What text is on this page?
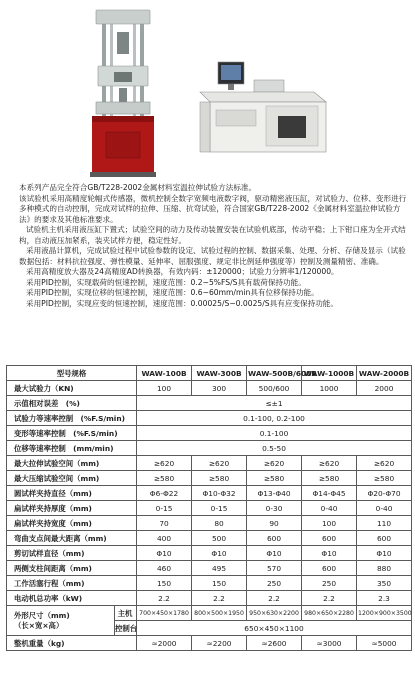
本系列产品完全符合GB/T228-2002金属材料室温拉伸试验方法标准。

该试验机采用高精度轮幅式传感器，微机控制全数字宽频电液数字阀，驱动精密液压缸，对试验力、位移、变形进行多种模式的自动控制，完成对试样的拉伸、压缩、抗弯试验，符合国家GB/T228-2002《金属材料室温拉伸试验方法》的要求及其他标准要求。

试验机主机采用液压缸下置式；试验空间的动力及传动装置安装在试验机底部，传动平稳；上下钳口座为全开式结构，自动液压加紧系，装夹试样方便，稳定性好。

采用液晶计算机，完成试验过程中试验参数的设定、试验过程的控制、数据采集、处理、分析、存储及显示（试验数据包括：材料抗拉强度、弹性模量、延伸率、屈服强度、规定非比例延伸强度等）控制及测量精密、准确。

采用高精度放大器及24高精度AD转换器，有效内码：±120000；试验力分辨率1/120000。

采用PID控制，实现载荷的恒速控制，速度范围：0.2~5%FS/S具有载荷保持功能。

采用PID控制，实现位移的恒速控制，速度范围：0.6~60mm/min具有位移保持功能。

采用PID控制，实现应变的恒速控制，速度范围：0.00025/S~0.0025/S具有应变保持功能。

型号规格		WAW-100B	WAW-300B	WAW-500B/600B	WAW-1000B	WAW-2000B
最大试验力（KN)		100	300	500/600	1000	2000
示值相对误差　(%)		≤±1				
试验力等速率控制　(%F.S/min)		0.1-100, 0.2-100				
变形等速率控制　(%F.S/min)		0.1-100				
位移等速率控制　(mm/min)		0.5-50				
最大拉伸试验空间（mm)		≥620	≥620	≥620	≥620	≥620
最大压缩试验空间（mm)		≥580	≥580	≥580	≥580	≥580
圆试样夹持直径（mm)		Φ6-Φ22	Φ10-Φ32	Φ13-Φ40	Φ14-Φ45	Φ20-Φ70
扁试样夹持厚度（mm)		0-15	0-15	0-30	0-40	0-40
扁试样夹持宽度（mm)		70	80	90	100	110
弯曲支点间最大距离（mm)		400	500	600	600	600
剪切试样直径（mm)		Φ10	Φ10	Φ10	Φ10	Φ10
两侧支柱间距离（mm)		460	495	570	600	880
工作活塞行程（mm)		150	150	250	250	350
电动机总功率（kW)		2.2	2.2	2.2	2.2	2.3
外形尺寸（mm)
（长×宽×高）	主机	700×450×1780	800×500×1950	950×630×2200	980×650×2280	1200×900×3500
	控制台	650×450×1100				
整机重量（kg)		≈2000	≈2200	≈2600	≈3000	≈5000
